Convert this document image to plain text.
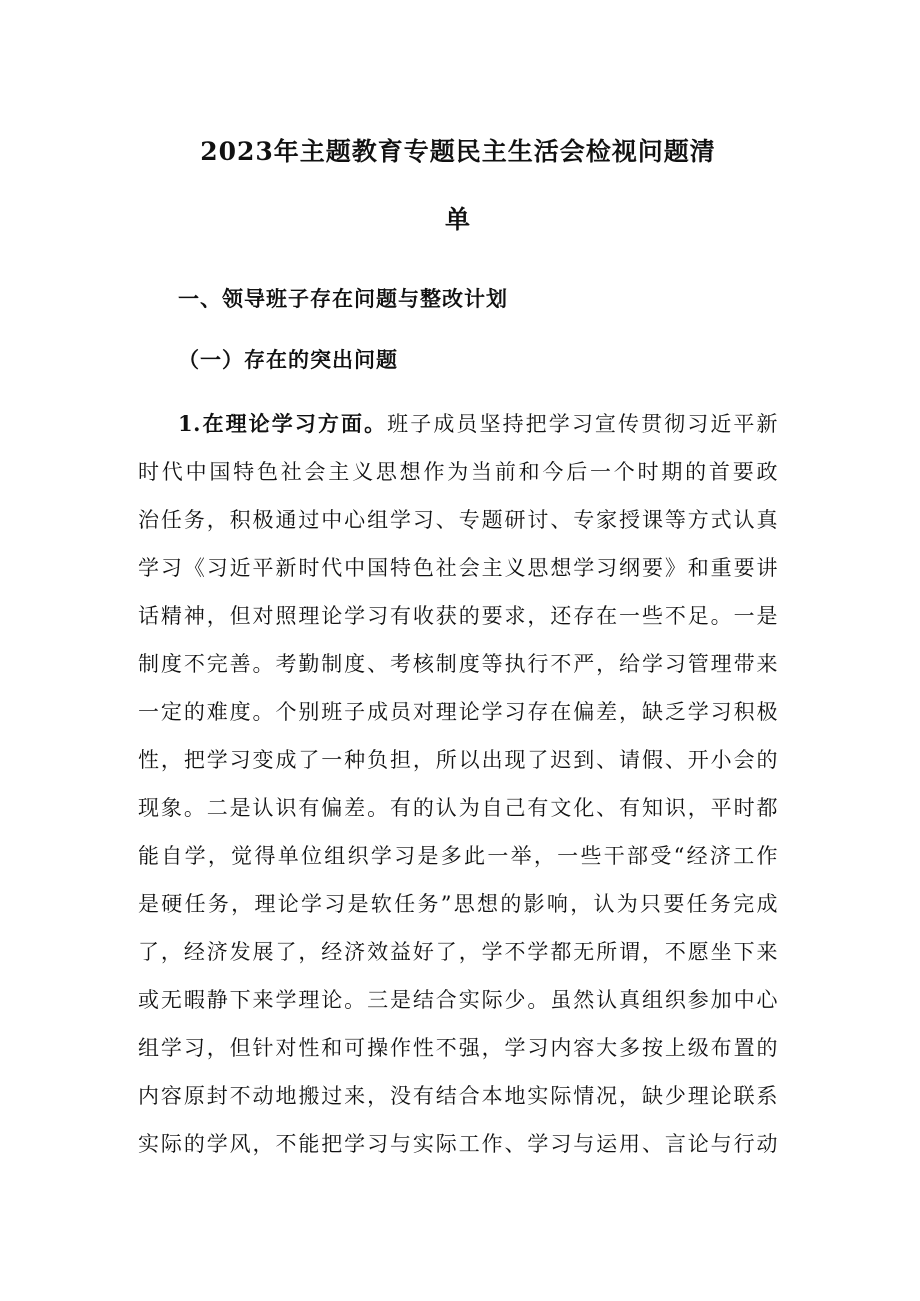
2023年主题教育专题民主生活会检视问题清
单
一、领导班子存在问题与整改计划
（一）存在的突出问题
1.在理论学习方面。班子成员坚持把学习宣传贯彻习近平新
时代中国特色社会主义思想作为当前和今后一个时期的首要政
治任务，积极通过中心组学习、专题研讨、专家授课等方式认真
学习《习近平新时代中国特色社会主义思想学习纲要》和重要讲
话精神，但对照理论学习有收获的要求，还存在一些不足。一是
制度不完善。考勤制度、考核制度等执行不严，给学习管理带来
一定的难度。个别班子成员对理论学习存在偏差，缺乏学习积极
性，把学习变成了一种负担，所以出现了迟到、请假、开小会的
现象。二是认识有偏差。有的认为自己有文化、有知识，平时都
能自学，觉得单位组织学习是多此一举，一些干部受“经济工作
是硬任务，理论学习是软任务”思想的影响，认为只要任务完成
了，经济发展了，经济效益好了，学不学都无所谓，不愿坐下来
或无暇静下来学理论。三是结合实际少。虽然认真组织参加中心
组学习，但针对性和可操作性不强，学习内容大多按上级布置的
内容原封不动地搬过来，没有结合本地实际情况，缺少理论联系
实际的学风，不能把学习与实际工作、学习与运用、言论与行动
